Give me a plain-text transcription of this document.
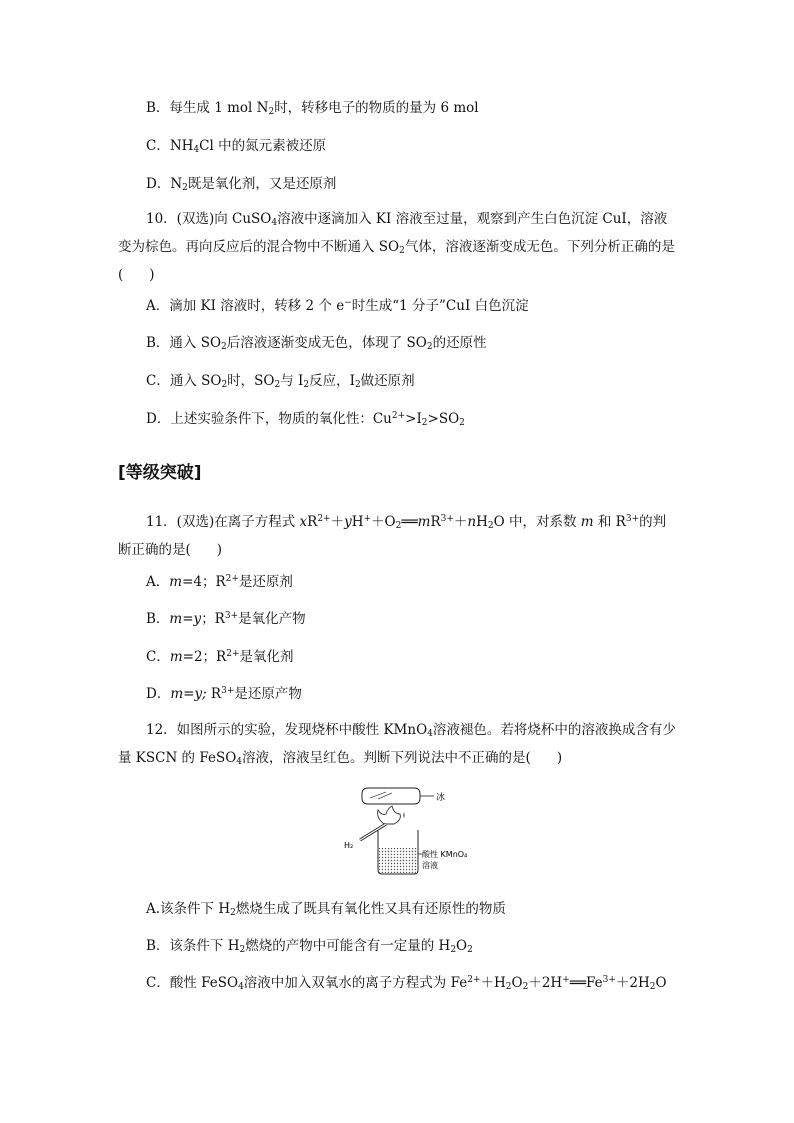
B．每生成 1 mol $N_2$时，转移电子的物质的量为 6 mol
C．$NH_4Cl$ 中的氮元素被还原
D．$N_2$既是氧化剂，又是还原剂
10．(双选)向 CuSO$_4$溶液中逐滴加入 KI 溶液至过量，观察到产生白色沉淀 CuI，溶液变为棕色。再向反应后的混合物中不断通入 $SO_2$气体，溶液逐渐变成无色。下列分析正确的是( )
A．滴加 KI 溶液时，转移 2 个 e−时生成“1 分子”CuI 白色沉淀
B．通入 $SO_2$后溶液逐渐变成无色，体现了 $SO_2$的还原性
C．通入 $SO_2$时，$SO_2$与 $I_2$反应，$I_2$做还原剂
D．上述实验条件下，物质的氧化性：$Cu^{2+}>I_2>SO_2$
[等级突破]
11．(双选)在离子方程式 $xR^{2+}+yH^++O_2══mR^{3+}+nH_2O$ 中，对系数 m 和 $R^{3+}$的判断正确的是( )
A．m=4；$R^{2+}$是还原剂
B．m=y；$R^{3+}$是氧化产物
C．m=2；$R^{2+}$是氧化剂
D．m=y; $R^{3+}$是还原产物
12．如图所示的实验，发现烧杯中酸性 KMnO$_4$溶液褪色。若将烧杯中的溶液换成含有少量 KSCN 的 FeSO$_4$溶液，溶液呈红色。判断下列说法中不正确的是( )
冰
H₂
酸性 KMnO₄
溶液
A.该条件下 $H_2$燃烧生成了既具有氧化性又具有还原性的物质
B．该条件下 $H_2$燃烧的产物中可能含有一定量的 $H_2O_2$
C．酸性 FeSO$_4$溶液中加入双氧水的离子方程式为 $Fe^{2+}+H_2O_2+2H^+══Fe^{3+}+2H_2O$
